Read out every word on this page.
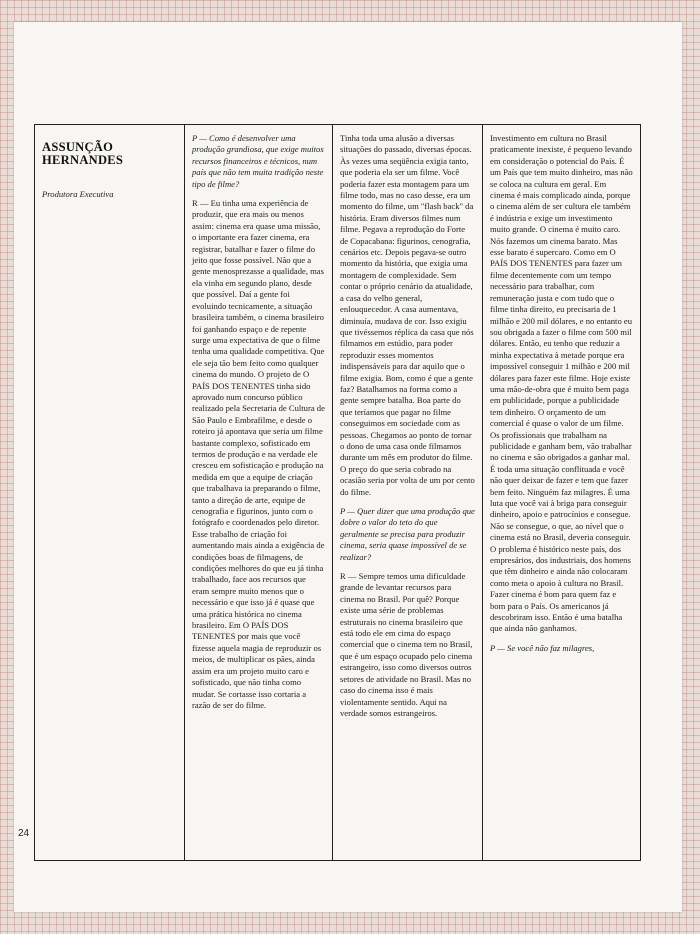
ASSUNÇÃO
HERNANDES
Produtora Executiva

P — Como é desenvolver uma produção grandiosa, que exige muitos recursos financeiros e técnicos, num país que não tem muita tradição neste tipo de filme?

R — Eu tinha uma experiência de produzir, que era mais ou menos assim: cinema era quase uma missão, o importante era fazer cinema, era registrar, batalhar e fazer o filme do jeito que fosse possível. Não que a gente menosprezasse a qualidade, mas ela vinha em segundo plano, desde que possível. Daí a gente foi evoluindo tecnicamente, a situação brasileira também, o cinema brasileiro foi ganhando espaço e de repente surge uma expectativa de que o filme tenha uma qualidade competitiva. Que ele seja tão bem feito como qualquer cinema do mundo. O projeto de O PAÍS DOS TENENTES tinha sido aprovado num concurso público realizado pela Secretaria de Cultura de São Paulo e Embrafilme, e desde o roteiro já apontava que seria um filme bastante complexo, sofisticado em termos de produção e na verdade ele cresceu em sofisticação e produção na medida em que a equipe de criação que trabalhava ia preparando o filme, tanto a direção de arte, equipe de cenografia e figurinos, junto com o fotógrafo e coordenados pelo diretor. Esse trabalho de criação foi aumentando mais ainda a exigência de condições boas de filmagens, de condições melhores do que eu já tinha trabalhado, face aos recursos que eram sempre muito menos que o necessário e que isso já é quase que uma prática histórica no cinema brasileiro. Em O PAÍS DOS TENENTES por mais que você fizesse aquela magia de reproduzir os meios, de multiplicar os pães, ainda assim era um projeto muito caro e sofisticado, que não tinha como mudar. Se cortasse isso cortaria a razão de ser do filme.

Tinha toda uma alusão a diversas situações do passado, diversas épocas. Às vezes uma seqüência exigia tanto, que poderia ela ser um filme. Você poderia fazer esta montagem para um filme todo, mas no caso desse, era um momento do filme, um "flash back" da história. Eram diversos filmes num filme. Pegava a reprodução do Forte de Copacabana: figurinos, cenografia, cenários etc. Depois pegava-se outro momento da história, que exigia uma montagem de complexidade. Sem contar o próprio cenário da atualidade, a casa do velho general, enlouquecedor. A casa aumentava, diminuía, mudava de cor. Isso exigiu que tivéssemos réplica da casa que nós filmamos em estúdio, para poder reproduzir esses momentos indispensáveis para dar aquilo que o filme exigia. Bom, como é que a gente faz? Batalhamos na forma como a gente sempre batalha. Boa parte do que teríamos que pagar no filme conseguimos em sociedade com as pessoas. Chegamos ao ponto de tornar o dono de uma casa onde filmamos durante um mês em produtor do filme. O preço do que seria cobrado na ocasião seria por volta de um por cento do filme.

P — Quer dizer que uma produção que dobre o valor do teto do que geralmente se precisa para produzir cinema, seria quase impossível de se realizar?

R — Sempre temos uma dificuldade grande de levantar recursos para cinema no Brasil. Por quê? Porque existe uma série de problemas estruturais no cinema brasileiro que está todo ele em cima do espaço comercial que o cinema tem no Brasil, que é um espaço ocupado pelo cinema estrangeiro, isso como diversos outros setores de atividade no Brasil. Mas no caso do cinema isso é mais violentamente sentido. Aqui na verdade somos estrangeiros.

Investimento em cultura no Brasil praticamente inexiste, é pequeno levando em consideração o potencial do País. É um País que tem muito dinheiro, mas não se coloca na cultura em geral. Em cinema é mais complicado ainda, porque o cinema além de ser cultura ele também é indústria e exige um investimento muito grande. O cinema é muito caro. Nós fazemos um cinema barato. Mas esse barato é supercaro. Como em O PAÍS DOS TENENTES para fazer um filme decentemente com um tempo necessário para trabalhar, com remuneração justa e com tudo que o filme tinha direito, eu precisaria de 1 milhão e 200 mil dólares, e no entanto eu sou obrigada a fazer o filme com 500 mil dólares. Então, eu tenho que reduzir a minha expectativa à metade porque era impossível conseguir 1 milhão e 200 mil dólares para fazer este filme. Hoje existe uma mão-de-obra que é muito bem paga em publicidade, porque a publicidade tem dinheiro. O orçamento de um comercial é quase o valor de um filme. Os profissionais que trabalham na publicidade e ganham bem, vão trabalhar no cinema e são obrigados a ganhar mal. É toda uma situação conflituada e você não quer deixar de fazer e tem que fazer bem feito. Ninguém faz milagres. É uma luta que você vai à briga para conseguir dinheiro, apoio e patrocínios e consegue. Não se consegue, o que, ao nível que o cinema está no Brasil, deveria conseguir. O problema é histórico neste país, dos empresários, dos industriais, dos homens que têm dinheiro e ainda não colocaram como meta o apoio à cultura no Brasil. Fazer cinema é bom para quem faz e bom para o País. Os americanos já descobriram isso. Então é uma batalha que ainda não ganhamos.

P — Se você não faz milagres,

24
